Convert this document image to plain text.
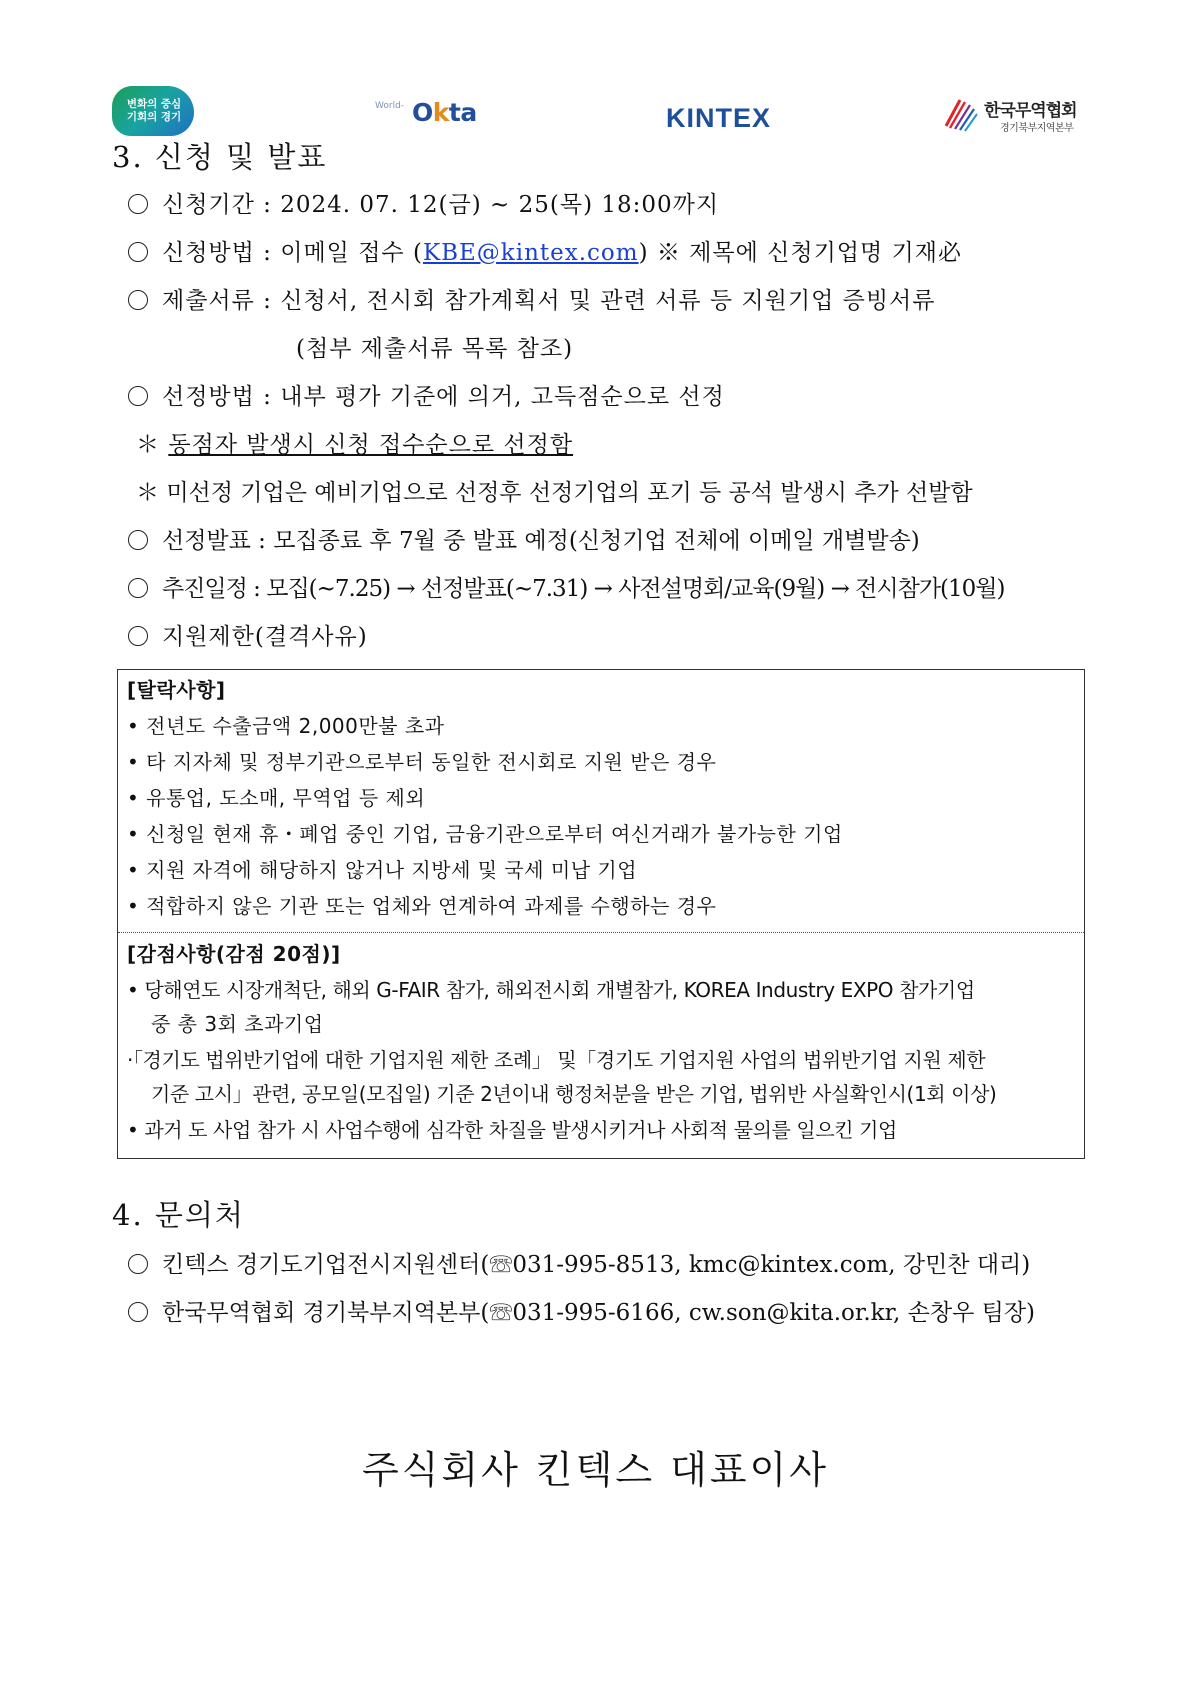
변화의 중심
기회의 경기
World- Okta	KINTEX	한국무역협회
경기북부지역본부
3. 신청 및 발표
신청기간 : 2024. 07. 12(금) ~ 25(목) 18:00까지
신청방법 : 이메일 접수 (KBE@kintex.com) ※ 제목에 신청기업명 기재必
제출서류 : 신청서, 전시회 참가계획서 및 관련 서류 등 지원기업 증빙서류
(첨부 제출서류 목록 참조)
선정방법 : 내부 평가 기준에 의거, 고득점순으로 선정
＊ 동점자 발생시 신청 접수순으로 선정함
＊ 미선정 기업은 예비기업으로 선정후 선정기업의 포기 등 공석 발생시 추가 선발함
선정발표 : 모집종료 후 7월 중 발표 예정(신청기업 전체에 이메일 개별발송)
추진일정 : 모집(~7.25) → 선정발표(~7.31) → 사전설명회/교육(9월) → 전시참가(10월)
지원제한(결격사유)
[탈락사항]
• 전년도 수출금액 2,000만불 초과
• 타 지자체 및 정부기관으로부터 동일한 전시회로 지원 받은 경우
• 유통업, 도소매, 무역업 등 제외
• 신청일 현재 휴・폐업 중인 기업, 금융기관으로부터 여신거래가 불가능한 기업
• 지원 자격에 해당하지 않거나 지방세 및 국세 미납 기업
• 적합하지 않은 기관 또는 업체와 연계하여 과제를 수행하는 경우
[감점사항(감점 20점)]
• 당해연도 시장개척단, 해외 G-FAIR 참가, 해외전시회 개별참가, KOREA Industry EXPO 참가기업
중 총 3회 초과기업
·「경기도 법위반기업에 대한 기업지원 제한 조례」 및「경기도 기업지원 사업의 법위반기업 지원 제한
기준 고시」관련, 공모일(모집일) 기준 2년이내 행정처분을 받은 기업, 법위반 사실확인시(1회 이상)
• 과거 도 사업 참가 시 사업수행에 심각한 차질을 발생시키거나 사회적 물의를 일으킨 기업
4. 문의처
킨텍스 경기도기업전시지원센터(☏031-995-8513, kmc@kintex.com, 강민찬 대리)
한국무역협회 경기북부지역본부(☏031-995-6166, cw.son@kita.or.kr, 손창우 팀장)
주식회사 킨텍스 대표이사
